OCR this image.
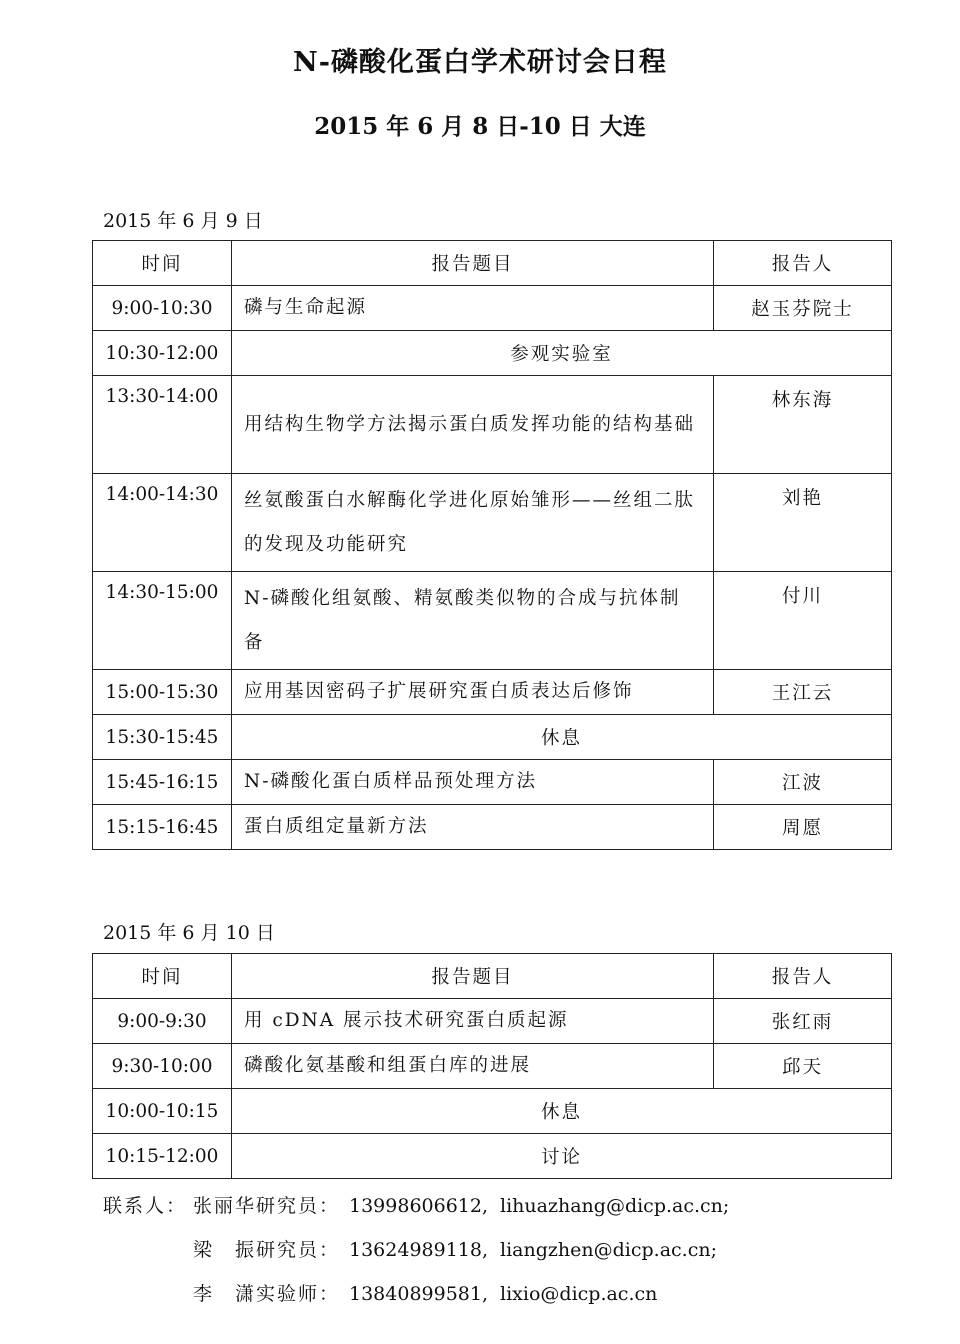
N-磷酸化蛋白学术研讨会日程
2015 年 6 月 8 日-10 日 大连
2015 年 6 月 9 日
时间	报告题目	报告人
9:00-10:30	磷与生命起源	赵玉芬院士
10:30-12:00	参观实验室	
13:30-14:00	用结构生物学方法揭示蛋白质发挥功能的结构基础	林东海
14:00-14:30	丝氨酸蛋白水解酶化学进化原始雏形——丝组二肽的发现及功能研究	刘艳
14:30-15:00	N-磷酸化组氨酸、精氨酸类似物的合成与抗体制备	付川
15:00-15:30	应用基因密码子扩展研究蛋白质表达后修饰	王江云
15:30-15:45	休息	
15:45-16:15	N-磷酸化蛋白质样品预处理方法	江波
15:15-16:45	蛋白质组定量新方法	周愿
2015 年 6 月 10 日
时间	报告题目	报告人
9:00-9:30	用 cDNA 展示技术研究蛋白质起源	张红雨
9:30-10:00	磷酸化氨基酸和组蛋白库的进展	邱天
10:00-10:15	休息	
10:15-12:00	讨论	
联系人： 张丽华研究员： 13998606612, lihuazhang@dicp.ac.cn;
梁　振研究员： 13624989118, liangzhen@dicp.ac.cn;
李　潇实验师： 13840899581, lixio@dicp.ac.cn
